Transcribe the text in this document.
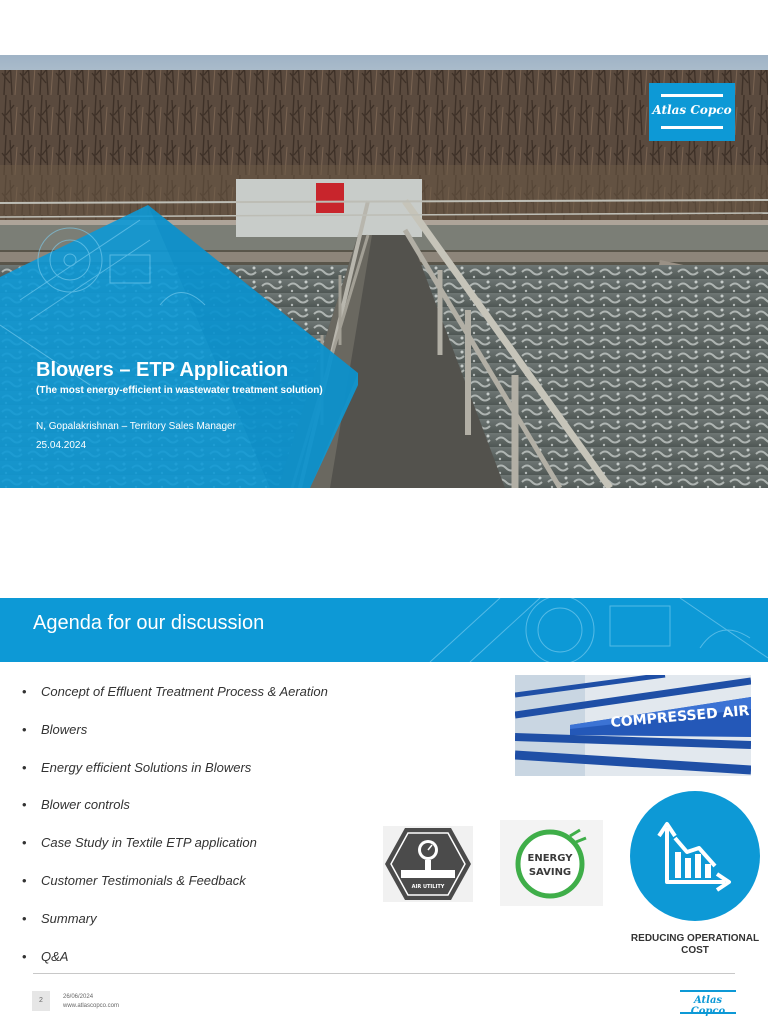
Atlas Copco
Blowers – ETP Application
(The most energy-efficient in wastewater treatment solution)
N, Gopalakrishnan – Territory Sales Manager
25.04.2024
Agenda for our discussion
• Concept of Effluent Treatment Process & Aeration
• Blowers
• Energy efficient Solutions in Blowers
• Blower controls
• Case Study in Textile ETP application
• Customer Testimonials & Feedback
• Summary
• Q&A
COMPRESSED AIR
AIR UTILITY
ENERGY
SAVING
REDUCING OPERATIONAL COST
2	26/06/2024
www.atlascopco.com	Atlas
